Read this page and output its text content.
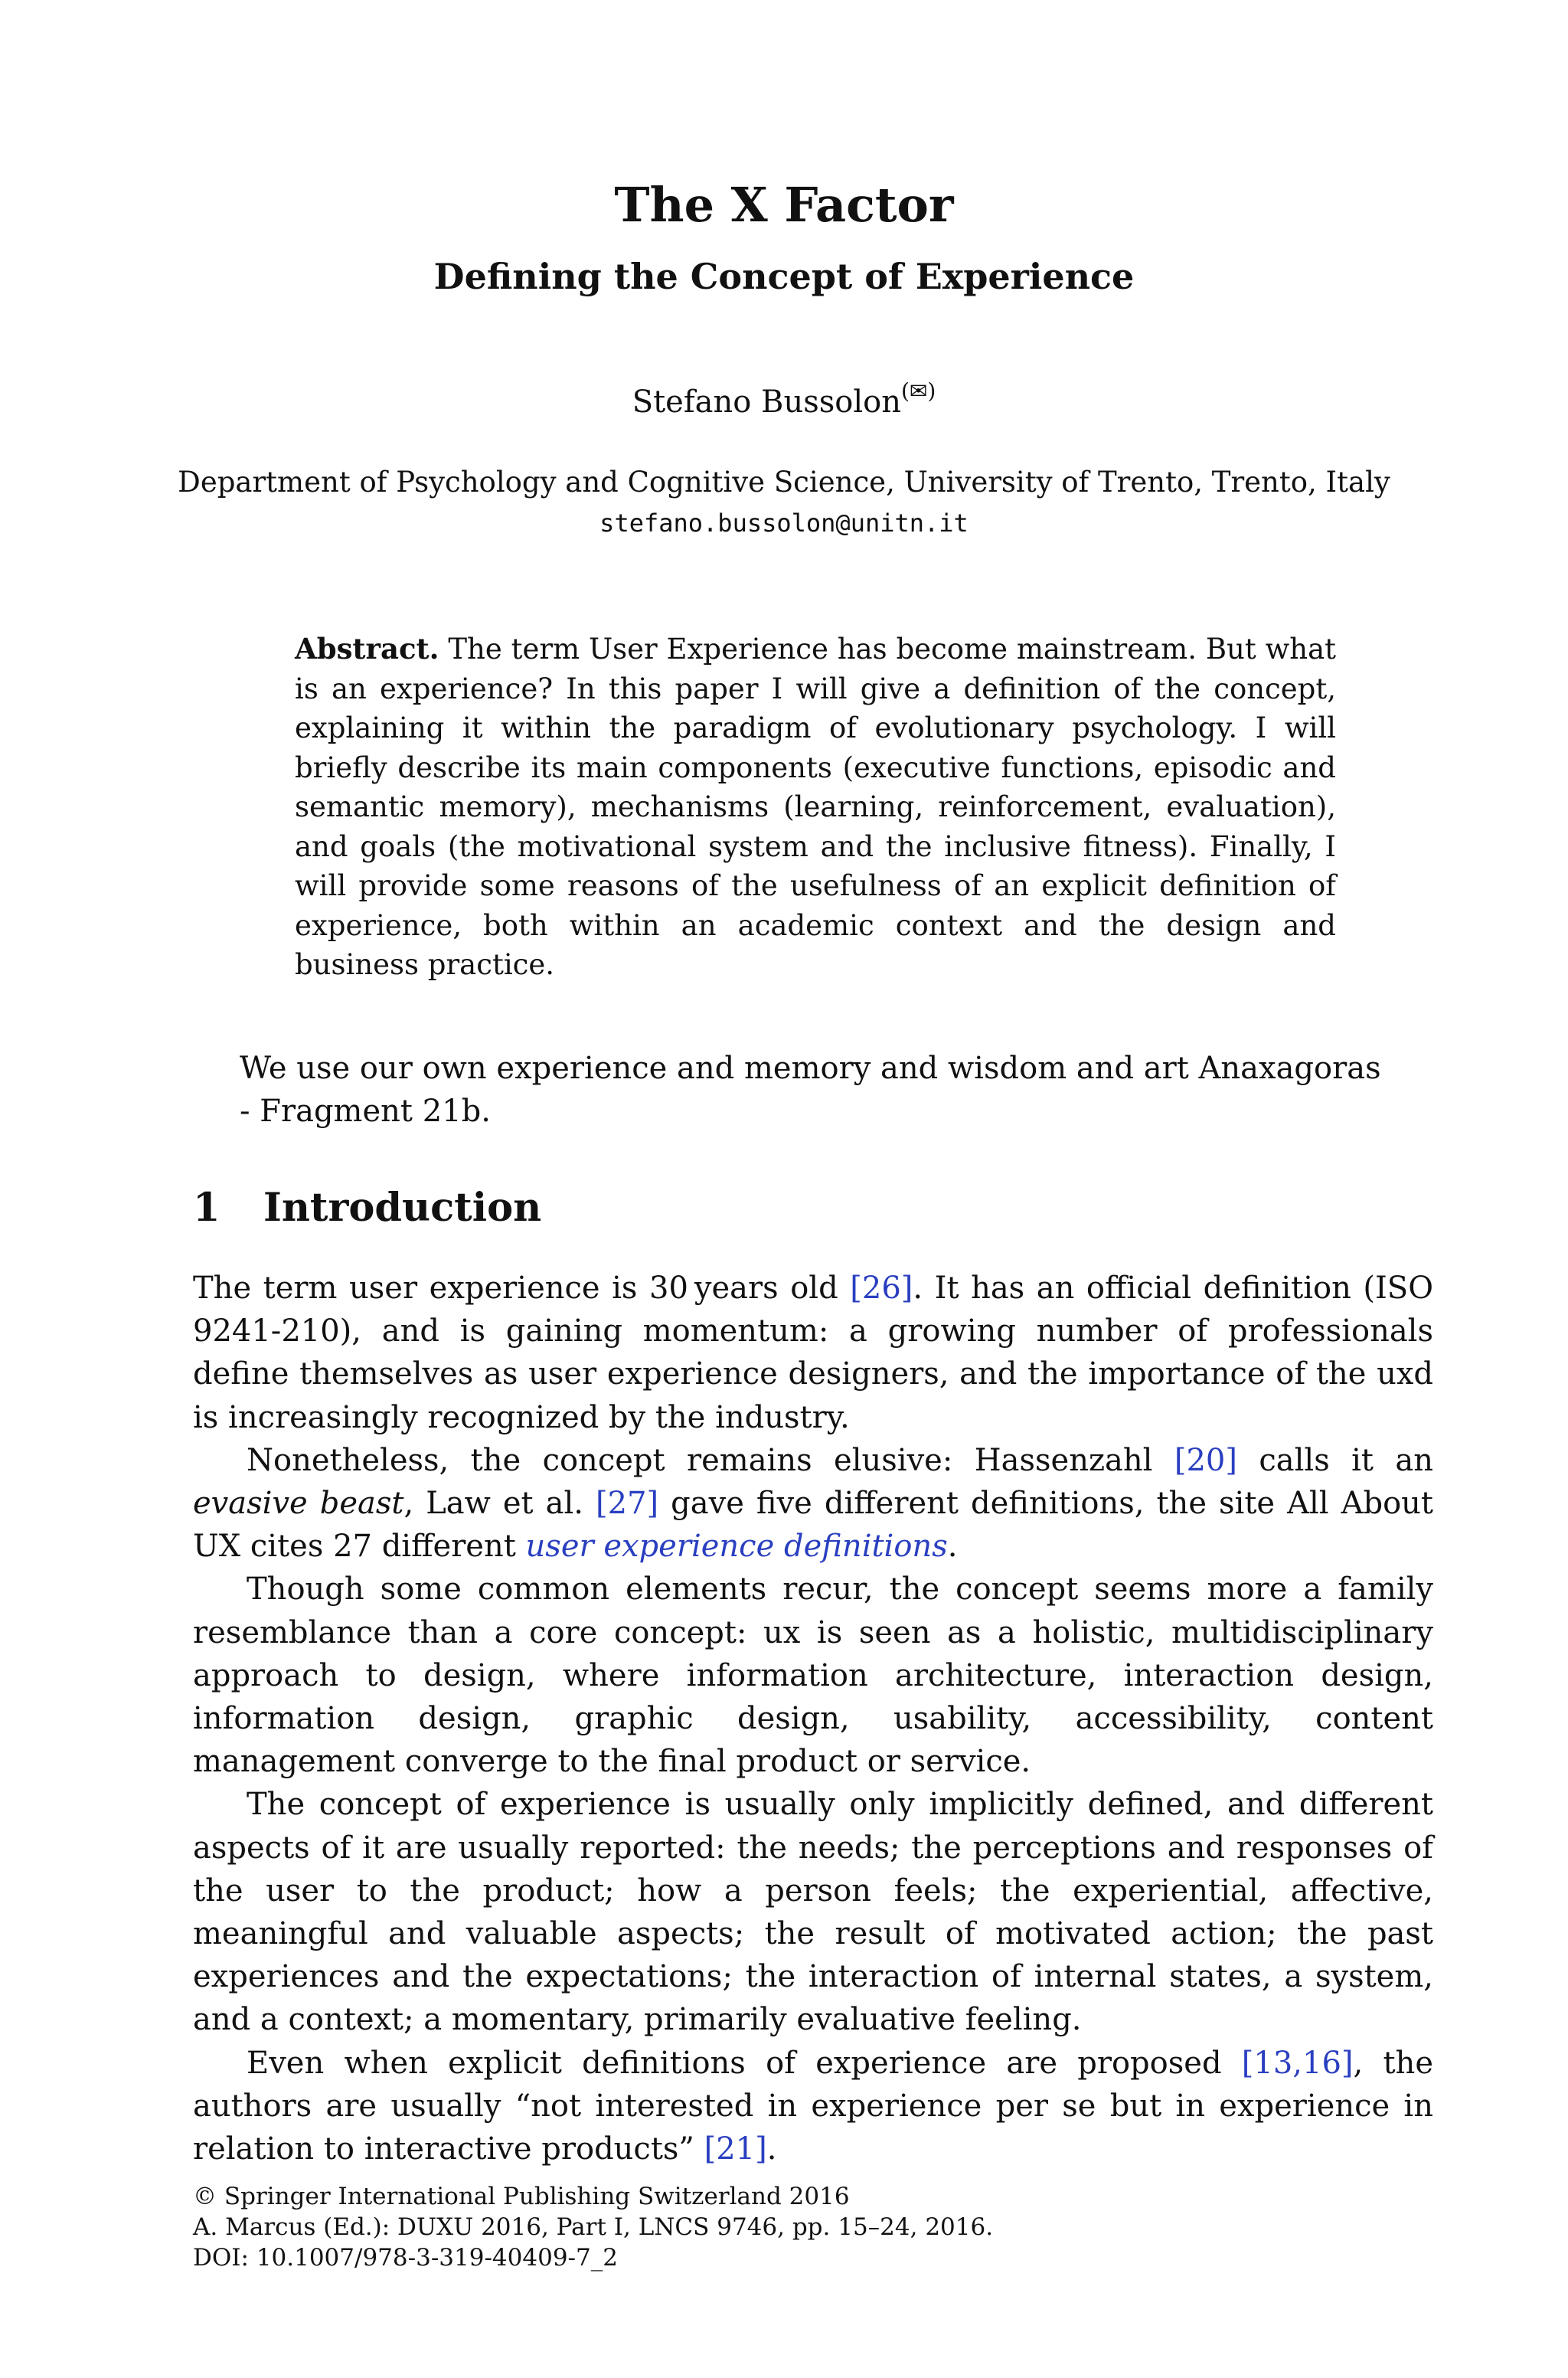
The X Factor
Defining the Concept of Experience
Stefano Bussolon(✉)
Department of Psychology and Cognitive Science, University of Trento, Trento, Italy
stefano.bussolon@unitn.it
Abstract. The term User Experience has become mainstream. But what is an experience? In this paper I will give a definition of the concept, explaining it within the paradigm of evolutionary psychology. I will briefly describe its main components (executive functions, episodic and semantic memory), mechanisms (learning, reinforcement, evaluation), and goals (the motivational system and the inclusive fitness). Finally, I will provide some reasons of the usefulness of an explicit definition of experience, both within an academic context and the design and business practice.
We use our own experience and memory and wisdom and art Anaxagoras - Fragment 21b.
1 Introduction

The term user experience is 30 years old [26]. It has an official definition (ISO 9241-210), and is gaining momentum: a growing number of professionals define themselves as user experience designers, and the importance of the uxd is increasingly recognized by the industry.

Nonetheless, the concept remains elusive: Hassenzahl [20] calls it an evasive beast, Law et al. [27] gave five different definitions, the site All About UX cites 27 different user experience definitions.

Though some common elements recur, the concept seems more a family resemblance than a core concept: ux is seen as a holistic, multidisciplinary approach to design, where information architecture, interaction design, information design, graphic design, usability, accessibility, content management converge to the final product or service.

The concept of experience is usually only implicitly defined, and different aspects of it are usually reported: the needs; the perceptions and responses of the user to the product; how a person feels; the experiential, affective, meaningful and valuable aspects; the result of motivated action; the past experiences and the expectations; the interaction of internal states, a system, and a context; a momentary, primarily evaluative feeling.

Even when explicit definitions of experience are proposed [13,16], the authors are usually “not interested in experience per se but in experience in relation to interactive products” [21].

© Springer International Publishing Switzerland 2016
A. Marcus (Ed.): DUXU 2016, Part I, LNCS 9746, pp. 15–24, 2016.
DOI: 10.1007/978-3-319-40409-7_2
